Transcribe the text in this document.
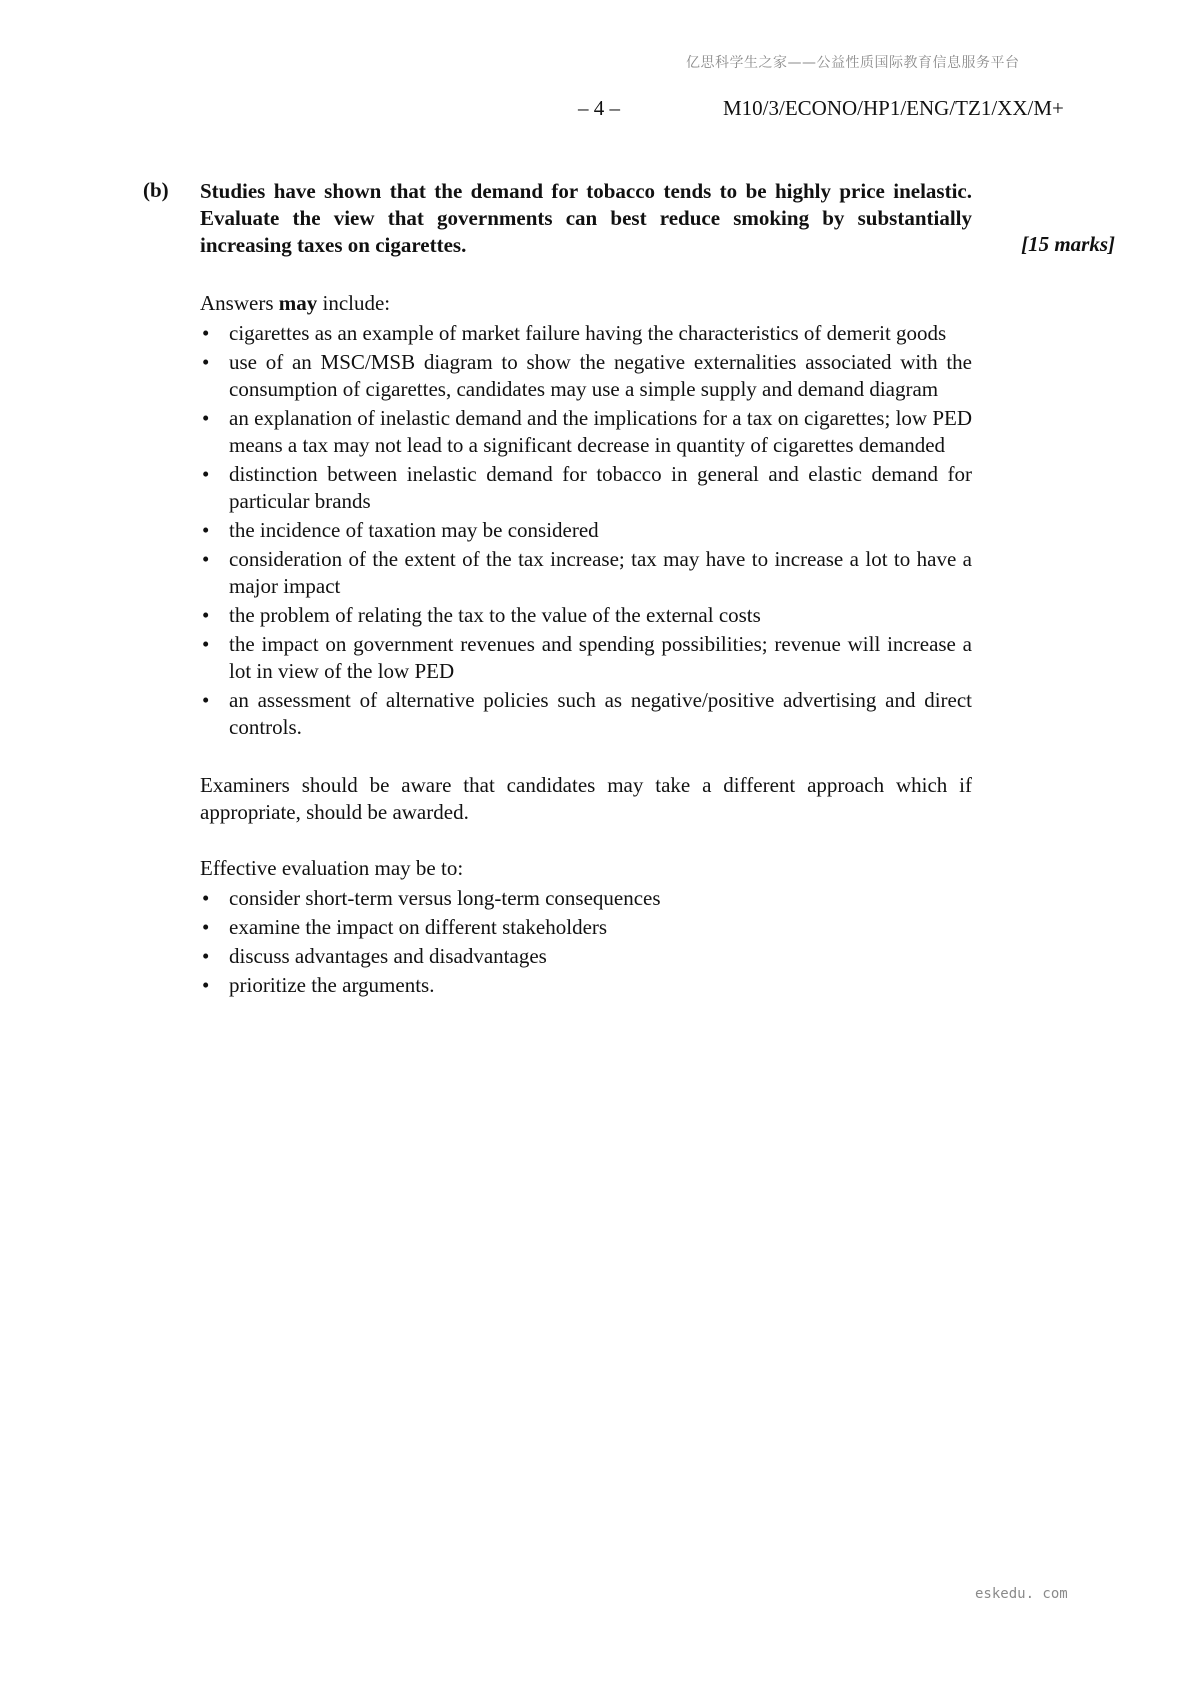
亿思科学生之家——公益性质国际教育信息服务平台
– 4 –	M10/3/ECONO/HP1/ENG/TZ1/XX/M+
(b) Studies have shown that the demand for tobacco tends to be highly price inelastic. Evaluate the view that governments can best reduce smoking by substantially increasing taxes on cigarettes.	[15 marks]

Answers may include:

• cigarettes as an example of market failure having the characteristics of demerit goods
• use of an MSC/MSB diagram to show the negative externalities associated with the consumption of cigarettes, candidates may use a simple supply and demand diagram
• an explanation of inelastic demand and the implications for a tax on cigarettes; low PED means a tax may not lead to a significant decrease in quantity of cigarettes demanded
• distinction between inelastic demand for tobacco in general and elastic demand for particular brands
• the incidence of taxation may be considered
• consideration of the extent of the tax increase; tax may have to increase a lot to have a major impact
• the problem of relating the tax to the value of the external costs
• the impact on government revenues and spending possibilities; revenue will increase a lot in view of the low PED
• an assessment of alternative policies such as negative/positive advertising and direct controls.

Examiners should be aware that candidates may take a different approach which if appropriate, should be awarded.

Effective evaluation may be to:

• consider short-term versus long-term consequences
• examine the impact on different stakeholders
• discuss advantages and disadvantages
• prioritize the arguments.
eskedu. com
